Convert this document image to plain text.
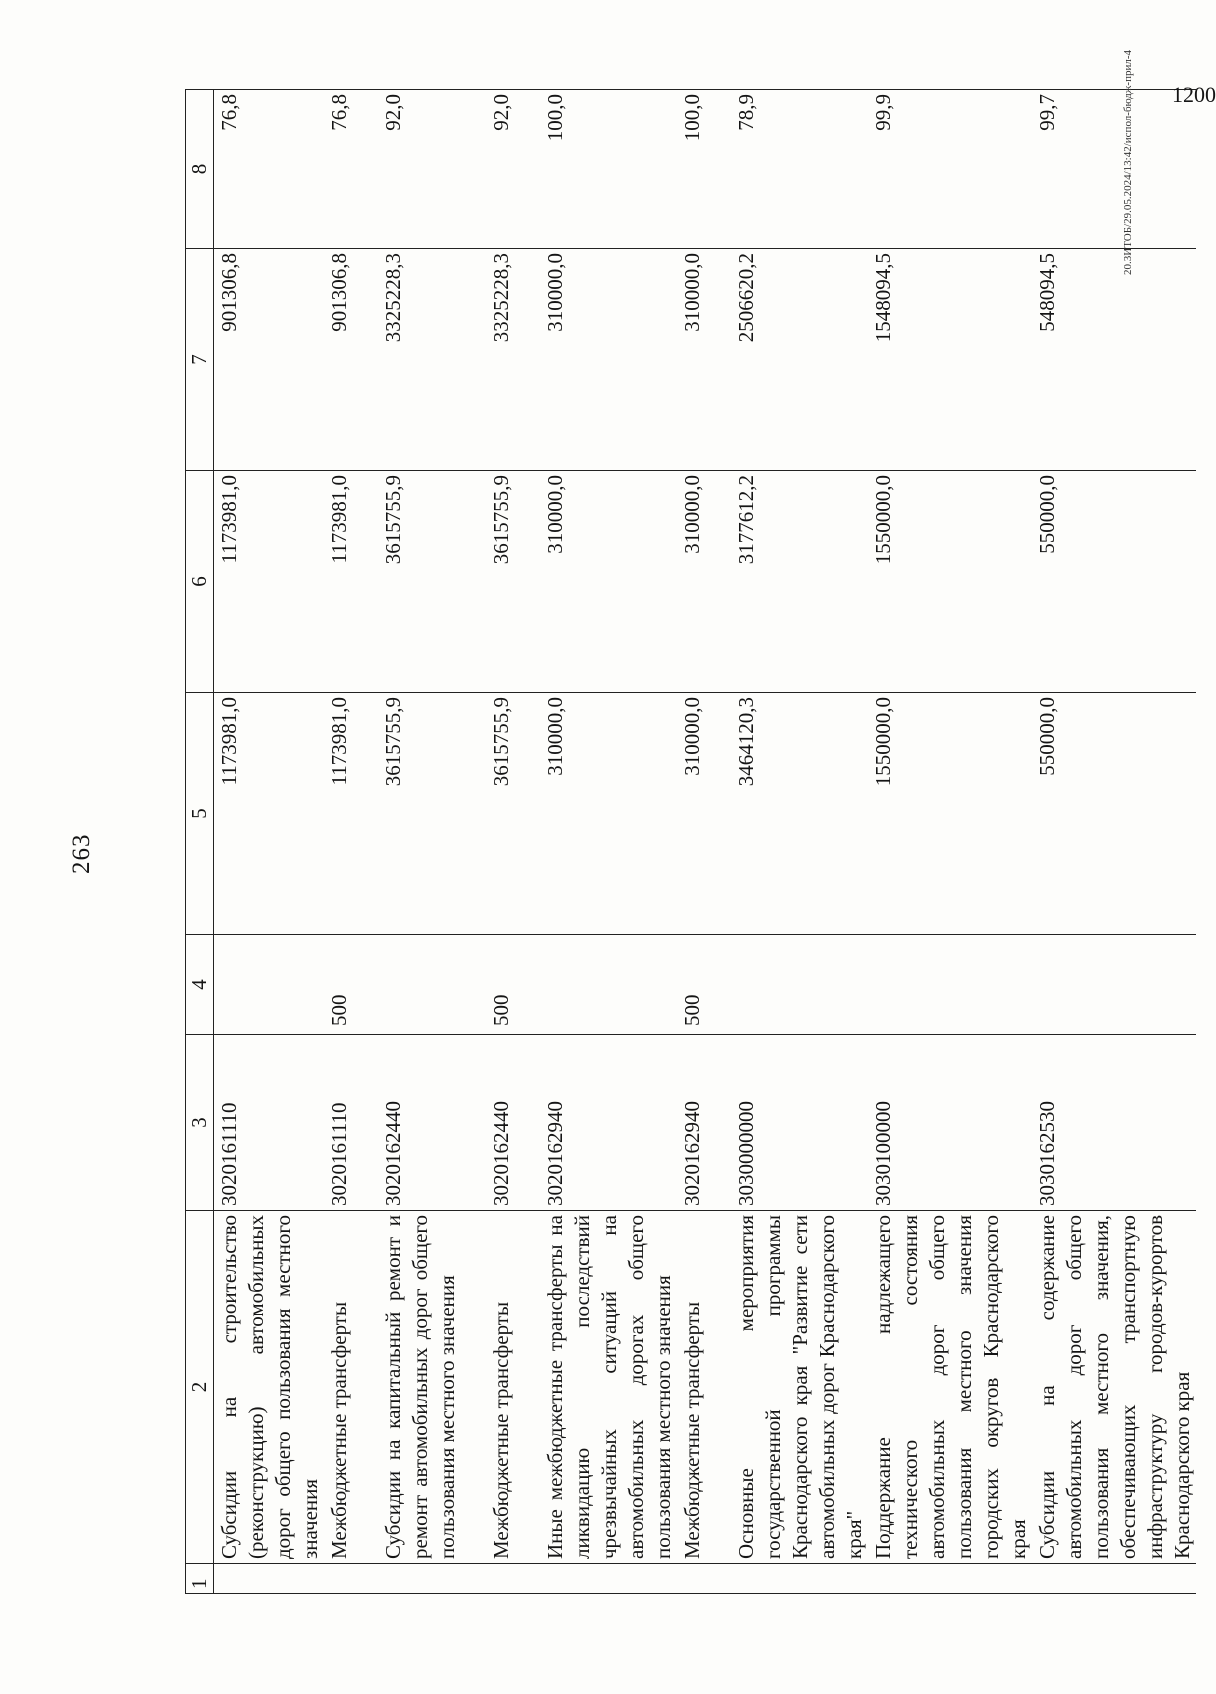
263
1	2	3	4	5	6	7	8
	Субсидии на строительство (реконструкцию) автомобильных дорог общего пользования местного значения	3020161110		1173981,0	1173981,0	901306,8	76,8
	Межбюджетные трансферты	3020161110	500	1173981,0	1173981,0	901306,8	76,8
	Субсидии на капитальный ремонт и ремонт автомобильных дорог общего пользования местного значения	3020162440		3615755,9	3615755,9	3325228,3	92,0
	Межбюджетные трансферты	3020162440	500	3615755,9	3615755,9	3325228,3	92,0
	Иные межбюджетные трансферты на ликвидацию последствий чрезвычайных ситуаций на автомобильных дорогах общего пользования местного значения	3020162940		310000,0	310000,0	310000,0	100,0
	Межбюджетные трансферты	3020162940	500	310000,0	310000,0	310000,0	100,0
	Основные мероприятия государственной программы Краснодарского края "Развитие сети автомобильных дорог Краснодарского края"	3030000000		3464120,3	3177612,2	2506620,2	78,9
	Поддержание надлежащего технического состояния автомобильных дорог общего пользования местного значения городских округов Краснодарского края	3030100000		1550000,0	1550000,0	1548094,5	99,9
	Субсидии на содержание автомобильных дорог общего пользования местного значения, обеспечивающих транспортную инфраструктуру городов-курортов Краснодарского края	3030162530		550000,0	550000,0	548094,5	99,7	20.3ИТОБ/29.05.2024/13:42/испол-бюдж-прил-4 1200
